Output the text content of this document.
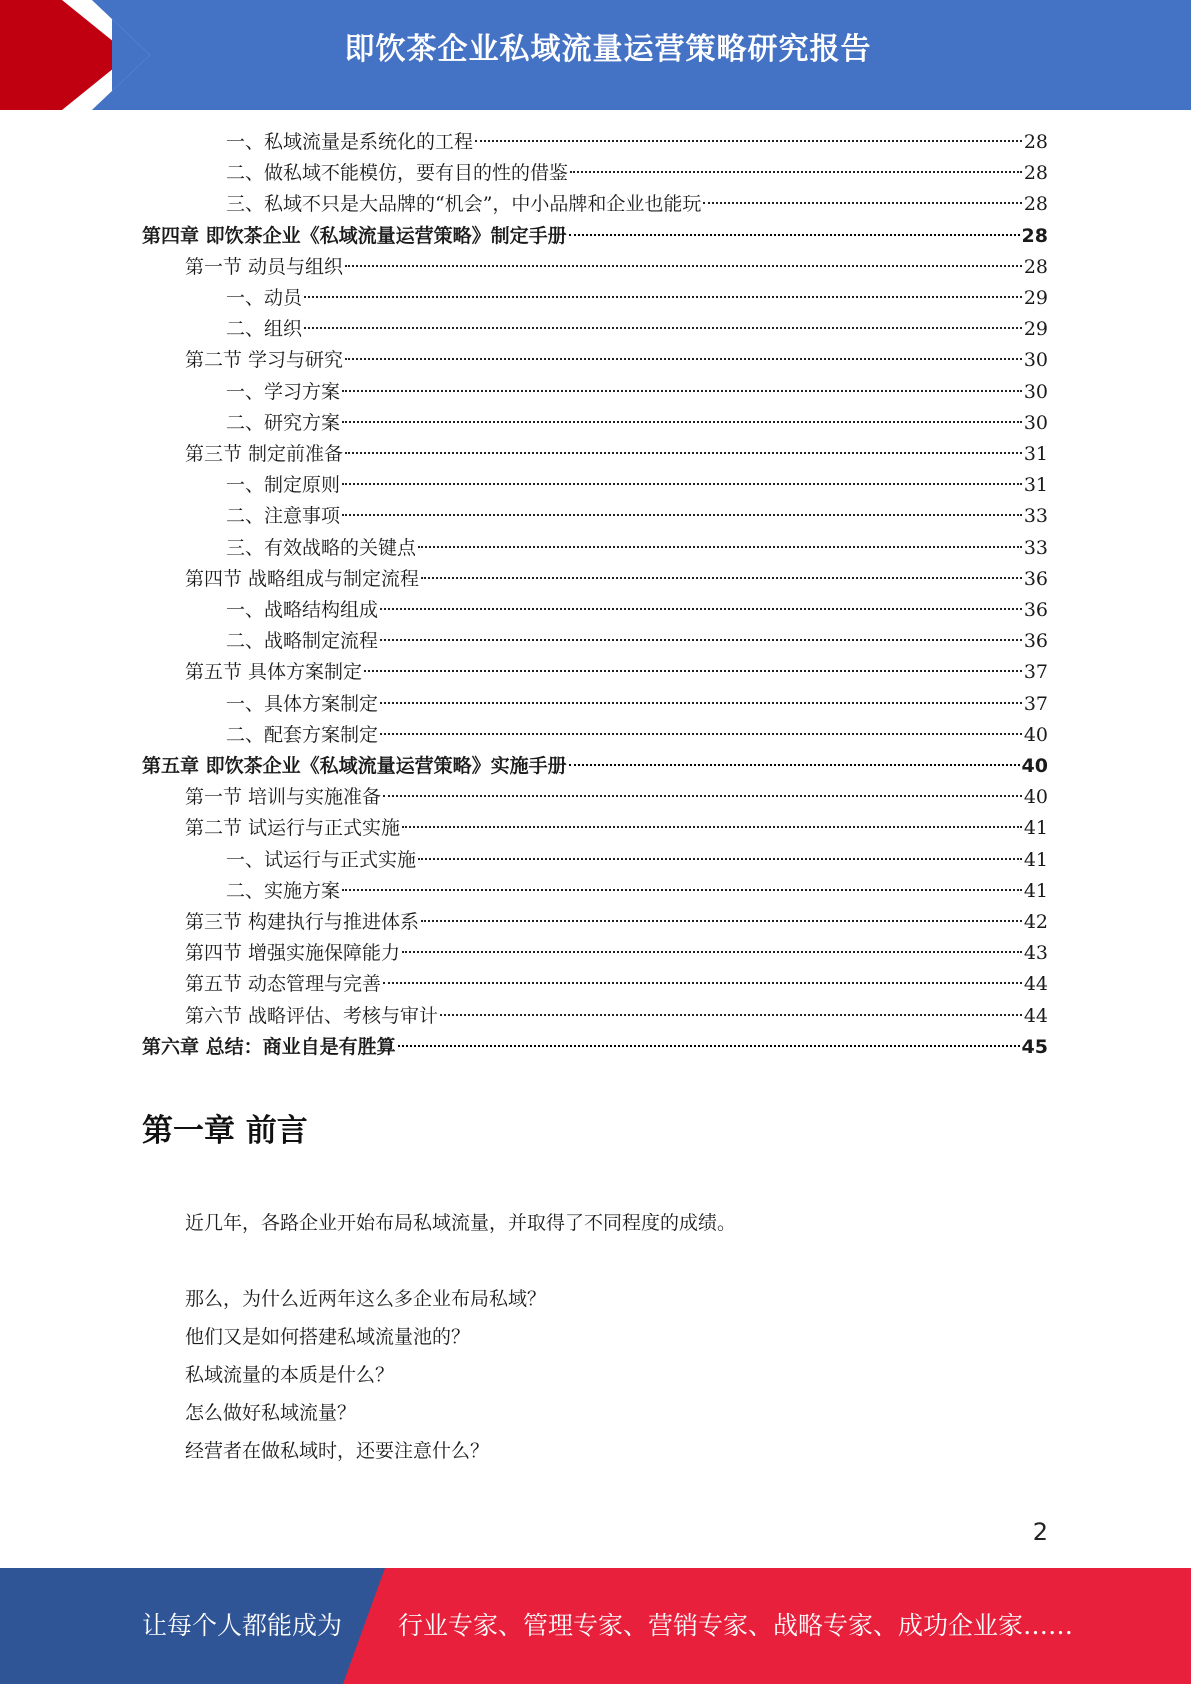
即饮茶企业私域流量运营策略研究报告
一、私域流量是系统化的工程	28
二、做私域不能模仿，要有目的性的借鉴	28
三、私域不只是大品牌的“机会”，中小品牌和企业也能玩	28
第四章 即饮茶企业《私域流量运营策略》制定手册	28
第一节 动员与组织	28
一、动员	29
二、组织	29
第二节 学习与研究	30
一、学习方案	30
二、研究方案	30
第三节 制定前准备	31
一、制定原则	31
二、注意事项	33
三、有效战略的关键点	33
第四节 战略组成与制定流程	36
一、战略结构组成	36
二、战略制定流程	36
第五节 具体方案制定	37
一、具体方案制定	37
二、配套方案制定	40
第五章 即饮茶企业《私域流量运营策略》实施手册	40
第一节 培训与实施准备	40
第二节 试运行与正式实施	41
一、试运行与正式实施	41
二、实施方案	41
第三节 构建执行与推进体系	42
第四节 增强实施保障能力	43
第五节 动态管理与完善	44
第六节 战略评估、考核与审计	44
第六章 总结：商业自是有胜算	45
第一章 前言
近几年，各路企业开始布局私域流量，并取得了不同程度的成绩。
那么，为什么近两年这么多企业布局私域？
他们又是如何搭建私域流量池的？
私域流量的本质是什么？
怎么做好私域流量？
经营者在做私域时，还要注意什么？
2
让每个人都能成为 行业专家、管理专家、营销专家、战略专家、成功企业家……
